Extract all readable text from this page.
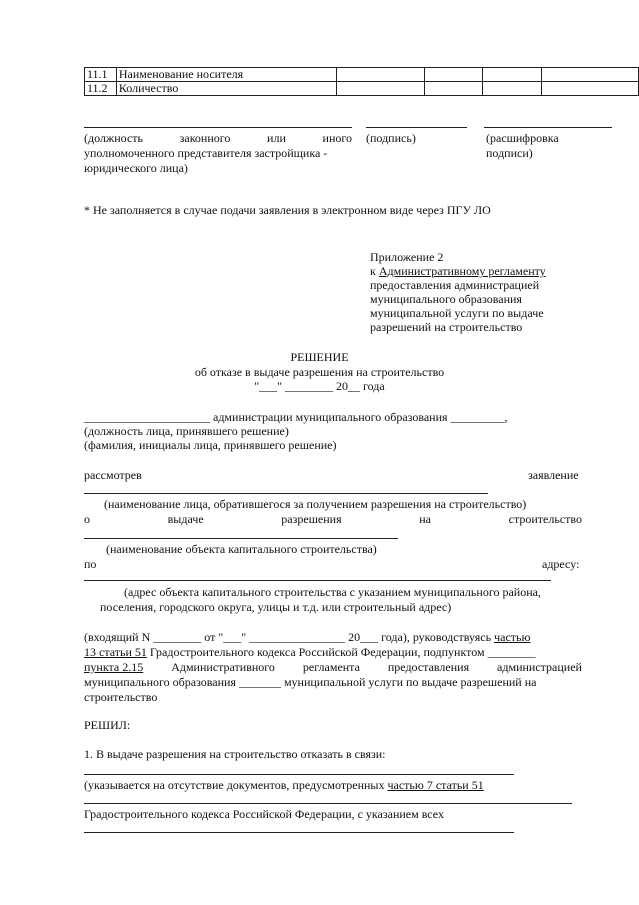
11.1	Наименование носителя				
11.2	Количество				
(должность	законного	или	иного
уполномоченного представителя застройщика -
юридического лица)
(подпись)	(расшифровка
подписи)
* Не заполняется в случае подачи заявления в электронном виде через ПГУ ЛО
Приложение 2
к Административному регламенту
предоставления администрацией
муниципального образования
муниципальной услуги по выдаче
разрешений на строительство
РЕШЕНИЕ
об отказе в выдаче разрешения на строительство
"___" ________ 20__ года
_____________________ администрации муниципального образования _________,
(должность лица, принявшего решение)
(фамилия, инициалы лица, принявшего решение)
рассмотрев	заявление
(наименование лица, обратившегося за получением разрешения на строительство)
о	выдаче	разрешения	на	строительство
(наименование объекта капитального строительства)
по	адресу:
(адрес объекта капитального строительства с указанием муниципального района,
поселения, городского округа, улицы и т.д. или строительный адрес)
(входящий N ________ от "___" ________________ 20___ года), руководствуясь частью
13 статьи 51 Градостроительного кодекса Российской Федерации, подпунктом ________
пункта 2.15 Административного регламента предоставления администрацией
муниципального образования _______ муниципальной услуги по выдаче разрешений на
строительство
РЕШИЛ:
1. В выдаче разрешения на строительство отказать в связи:
(указывается на отсутствие документов, предусмотренных частью 7 статьи 51
Градостроительного кодекса Российской Федерации, с указанием всех
